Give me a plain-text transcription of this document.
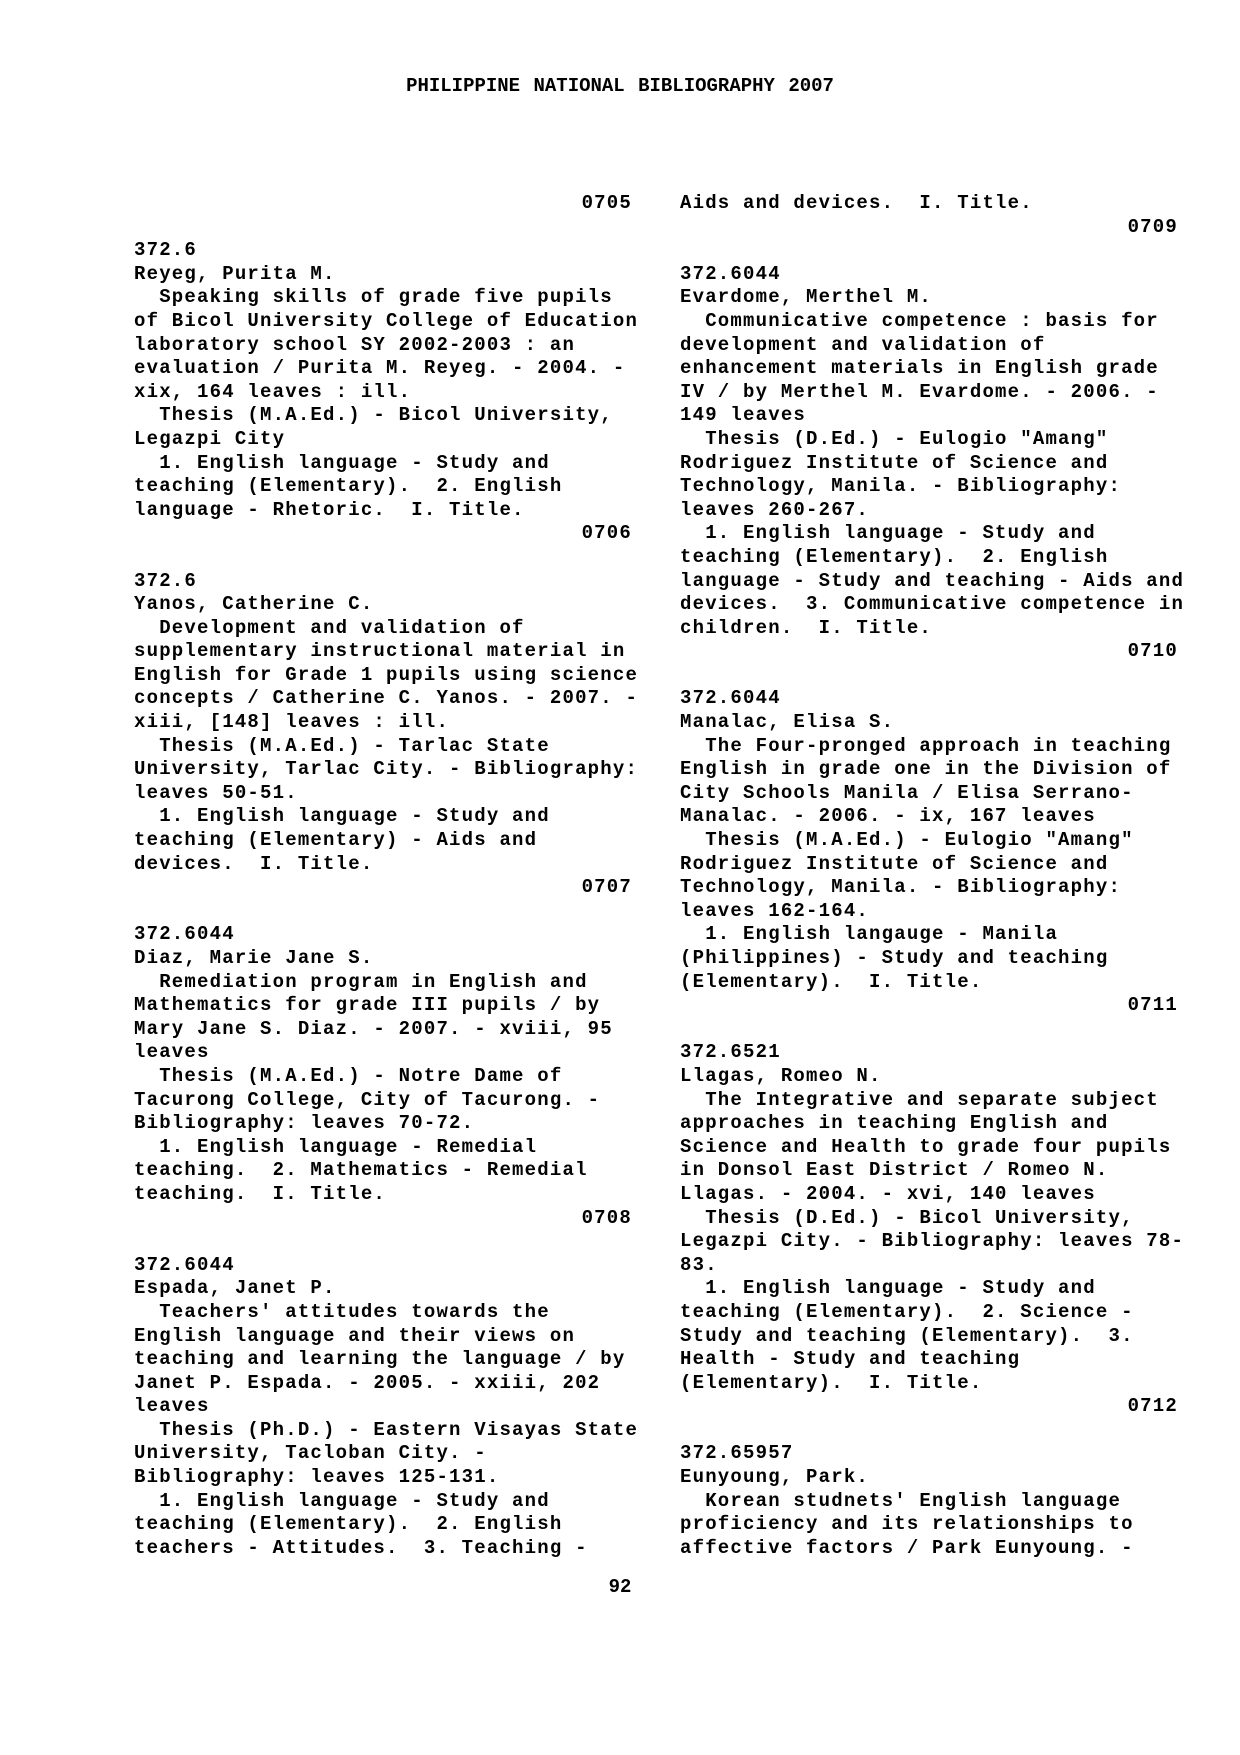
PHILIPPINE NATIONAL BIBLIOGRAPHY 2007
0705
372.6
Reyeg, Purita M.
Speaking skills of grade five pupils
of Bicol University College of Education
laboratory school SY 2002-2003 : an
evaluation / Purita M. Reyeg. - 2004. -
xix, 164 leaves : ill.
Thesis (M.A.Ed.) - Bicol University,
Legazpi City
1. English language - Study and
teaching (Elementary).  2. English
language - Rhetoric.  I. Title.
0706
372.6
Yanos, Catherine C.
Development and validation of
supplementary instructional material in
English for Grade 1 pupils using science
concepts / Catherine C. Yanos. - 2007. -
xiii, [148] leaves : ill.
Thesis (M.A.Ed.) - Tarlac State
University, Tarlac City. - Bibliography:
leaves 50-51.
1. English language - Study and
teaching (Elementary) - Aids and
devices.  I. Title.
0707
372.6044
Diaz, Marie Jane S.
Remediation program in English and
Mathematics for grade III pupils / by
Mary Jane S. Diaz. - 2007. - xviii, 95
leaves
Thesis (M.A.Ed.) - Notre Dame of
Tacurong College, City of Tacurong. -
Bibliography: leaves 70-72.
1. English language - Remedial
teaching.  2. Mathematics - Remedial
teaching.  I. Title.
0708
372.6044
Espada, Janet P.
Teachers' attitudes towards the
English language and their views on
teaching and learning the language / by
Janet P. Espada. - 2005. - xxiii, 202
leaves
Thesis (Ph.D.) - Eastern Visayas State
University, Tacloban City. -
Bibliography: leaves 125-131.
1. English language - Study and
teaching (Elementary).  2. English
teachers - Attitudes.  3. Teaching -
Aids and devices.  I. Title.
0709
372.6044
Evardome, Merthel M.
Communicative competence : basis for
development and validation of
enhancement materials in English grade
IV / by Merthel M. Evardome. - 2006. -
149 leaves
Thesis (D.Ed.) - Eulogio "Amang"
Rodriguez Institute of Science and
Technology, Manila. - Bibliography:
leaves 260-267.
1. English language - Study and
teaching (Elementary).  2. English
language - Study and teaching - Aids and
devices.  3. Communicative competence in
children.  I. Title.
0710
372.6044
Manalac, Elisa S.
The Four-pronged approach in teaching
English in grade one in the Division of
City Schools Manila / Elisa Serrano-
Manalac. - 2006. - ix, 167 leaves
Thesis (M.A.Ed.) - Eulogio "Amang"
Rodriguez Institute of Science and
Technology, Manila. - Bibliography:
leaves 162-164.
1. English langauge - Manila
(Philippines) - Study and teaching
(Elementary).  I. Title.
0711
372.6521
Llagas, Romeo N.
The Integrative and separate subject
approaches in teaching English and
Science and Health to grade four pupils
in Donsol East District / Romeo N.
Llagas. - 2004. - xvi, 140 leaves
Thesis (D.Ed.) - Bicol University,
Legazpi City. - Bibliography: leaves 78-
83.
1. English language - Study and
teaching (Elementary).  2. Science -
Study and teaching (Elementary).  3.
Health - Study and teaching
(Elementary).  I. Title.
0712
372.65957
Eunyoung, Park.
Korean studnets' English language
proficiency and its relationships to
affective factors / Park Eunyoung. -
92
